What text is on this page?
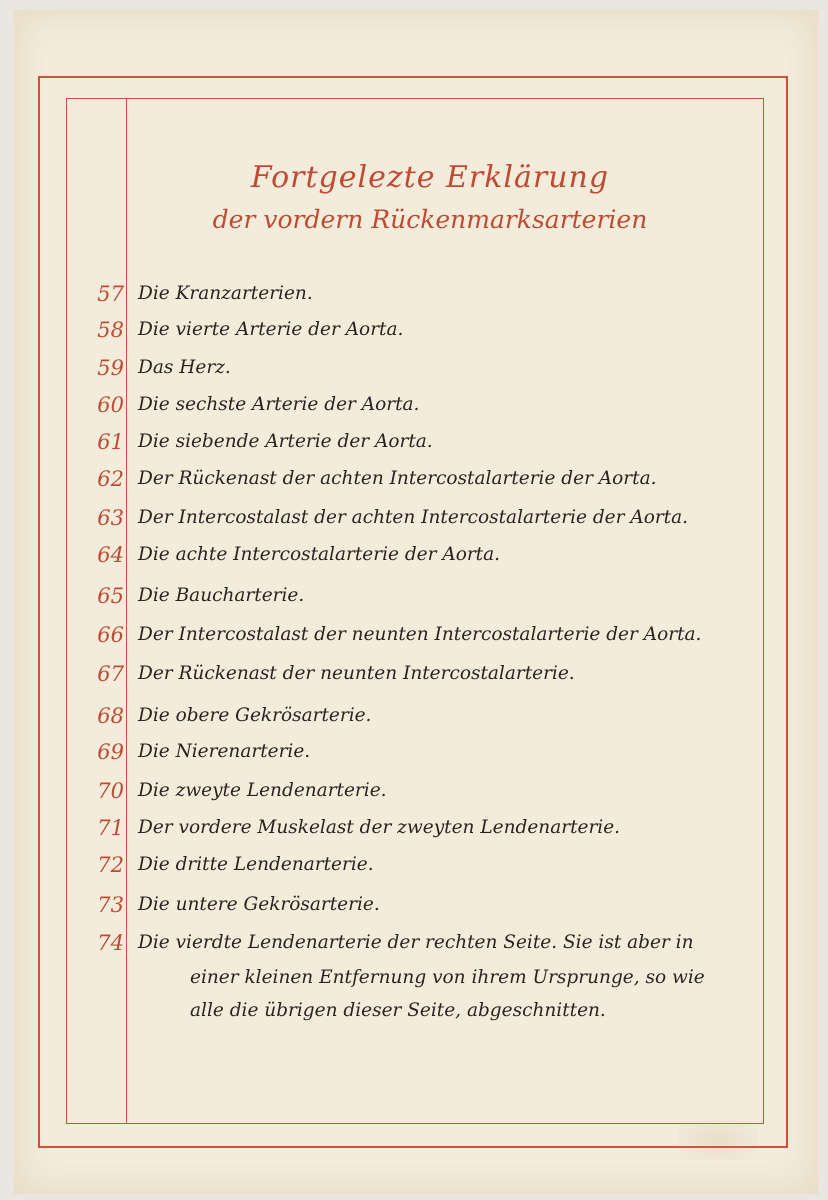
Fortgelezte Erklärung
der vordern Rückenmarksarterien
57 Die Kranzarterien.
58 Die vierte Arterie der Aorta.
59 Das Herz.
60 Die sechste Arterie der Aorta.
61 Die siebende Arterie der Aorta.
62 Der Rückenast der achten Intercostalarterie der Aorta.
63 Der Intercostalast der achten Intercostalarterie der Aorta.
64 Die achte Intercostalarterie der Aorta.
65 Die Baucharterie.
66 Der Intercostalast der neunten Intercostalarterie der Aorta.
67 Der Rückenast der neunten Intercostalarterie.
68 Die obere Gekrösarterie.
69 Die Nierenarterie.
70 Die zweyte Lendenarterie.
71 Der vordere Muskelast der zweyten Lendenarterie.
72 Die dritte Lendenarterie.
73 Die untere Gekrösarterie.
74 Die vierdte Lendenarterie der rechten Seite. Sie ist aber in
einer kleinen Entfernung von ihrem Ursprunge, so wie
alle die übrigen dieser Seite, abgeschnitten.
